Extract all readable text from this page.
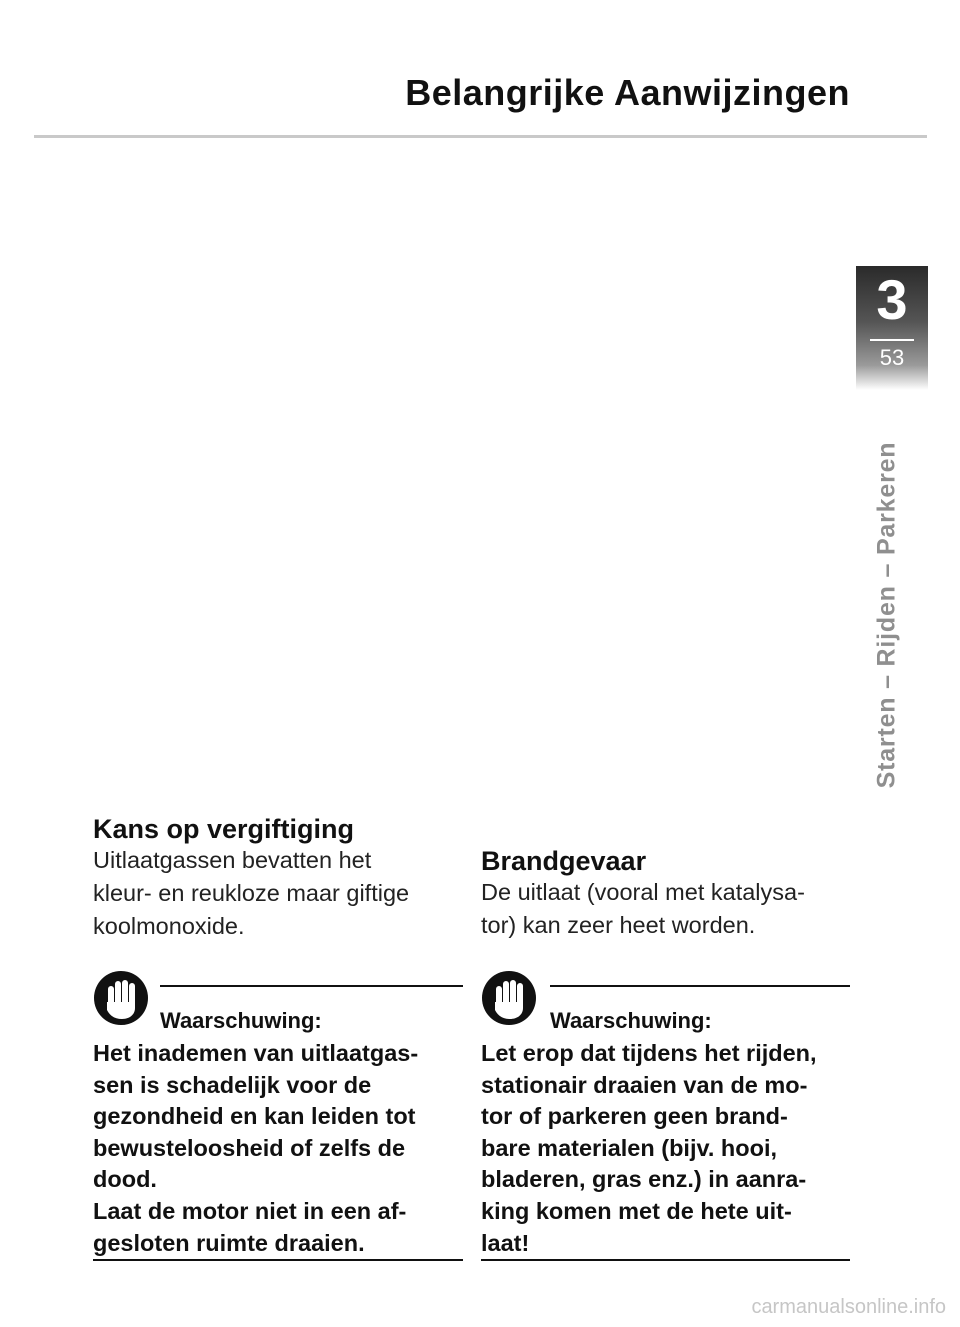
Belangrijke Aanwijzingen
3
53
Starten – Rijden – Parkeren
Kans op vergiftiging
Uitlaatgassen bevatten het
kleur- en reukloze maar giftige
koolmonoxide.
Waarschuwing:
Het inademen van uitlaatgas-
sen is schadelijk voor de
gezondheid en kan leiden tot
bewusteloosheid of zelfs de
dood.
Laat de motor niet in een af-
gesloten ruimte draaien.
Brandgevaar
De uitlaat (vooral met katalysa-
tor) kan zeer heet worden.
Waarschuwing:
Let erop dat tijdens het rijden,
stationair draaien van de mo-
tor of parkeren geen brand-
bare materialen (bijv. hooi,
bladeren, gras enz.) in aanra-
king komen met de hete uit-
laat!
carmanualsonline.info
